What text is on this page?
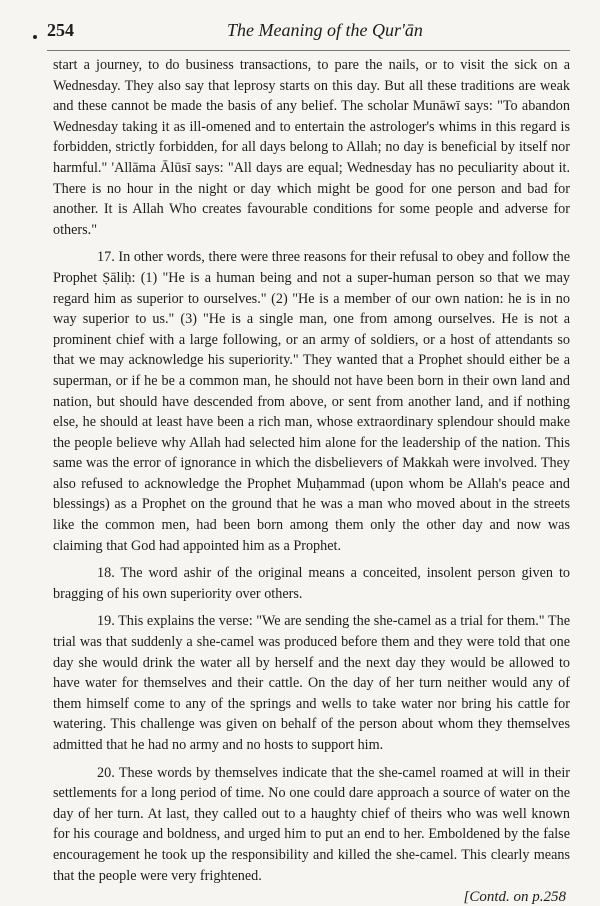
254	The Meaning of the Qur'ān

start a journey, to do business transactions, to pare the nails, or to visit the sick on a Wednesday. They also say that leprosy starts on this day. But all these traditions are weak and these cannot be made the basis of any belief. The scholar Munāwī says: "To abandon Wednesday taking it as ill-omened and to entertain the astrologer's whims in this regard is forbidden, strictly forbidden, for all days belong to Allah; no day is beneficial by itself nor harmful." 'Allāma Ālūsī says: "All days are equal; Wednesday has no peculiarity about it. There is no hour in the night or day which might be good for one person and bad for another. It is Allah Who creates favourable conditions for some people and adverse for others."

17. In other words, there were three reasons for their refusal to obey and follow the Prophet Ṣāliḥ: (1) "He is a human being and not a super-human person so that we may regard him as superior to ourselves." (2) "He is a member of our own nation: he is in no way superior to us." (3) "He is a single man, one from among ourselves. He is not a prominent chief with a large following, or an army of soldiers, or a host of attendants so that we may acknowledge his superiority." They wanted that a Prophet should either be a superman, or if he be a common man, he should not have been born in their own land and nation, but should have descended from above, or sent from another land, and if nothing else, he should at least have been a rich man, whose extraordinary splendour should make the people believe why Allah had selected him alone for the leadership of the nation. This same was the error of ignorance in which the disbelievers of Makkah were involved. They also refused to acknowledge the Prophet Muḥammad (upon whom be Allah's peace and blessings) as a Prophet on the ground that he was a man who moved about in the streets like the common men, had been born among them only the other day and now was claiming that God had appointed him as a Prophet.

18. The word ashir of the original means a conceited, insolent person given to bragging of his own superiority over others.

19. This explains the verse: "We are sending the she-camel as a trial for them." The trial was that suddenly a she-camel was produced before them and they were told that one day she would drink the water all by herself and the next day they would be allowed to have water for themselves and their cattle. On the day of her turn neither would any of them himself come to any of the springs and wells to take water nor bring his cattle for watering. This challenge was given on behalf of the person about whom they themselves admitted that he had no army and no hosts to support him.

20. These words by themselves indicate that the she-camel roamed at will in their settlements for a long period of time. No one could dare approach a source of water on the day of her turn. At last, they called out to a haughty chief of theirs who was well known for his courage and boldness, and urged him to put an end to her. Emboldened by the false encouragement he took up the responsibility and killed the she-camel. This clearly means that the people were very frightened.

[Contd. on p.258
